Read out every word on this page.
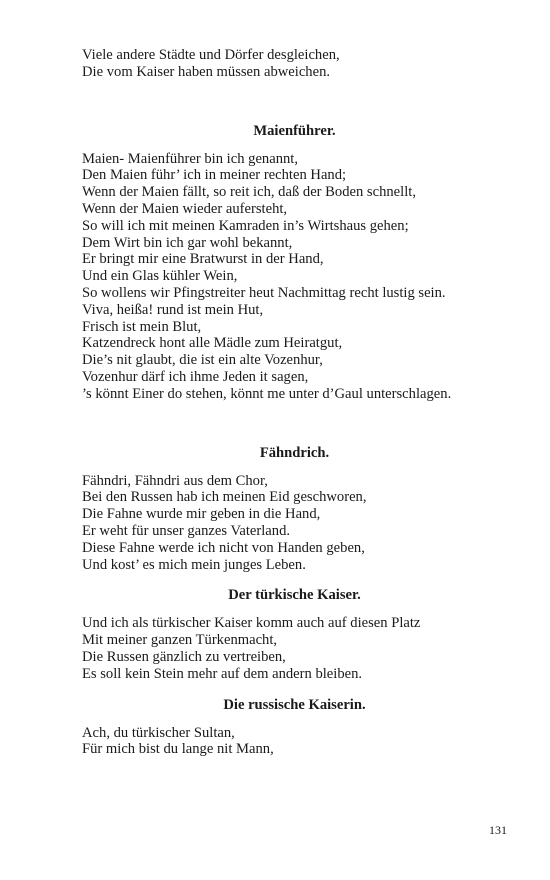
Viele andere Städte und Dörfer desgleichen,
Die vom Kaiser haben müssen abweichen.
Maienführer.
Maien- Maienführer bin ich genannt,
Den Maien führ’ ich in meiner rechten Hand;
Wenn der Maien fällt, so reit ich, daß der Boden schnellt,
Wenn der Maien wieder aufersteht,
So will ich mit meinen Kamraden in’s Wirtshaus gehen;
Dem Wirt bin ich gar wohl bekannt,
Er bringt mir eine Bratwurst in der Hand,
Und ein Glas kühler Wein,
So wollens wir Pfingstreiter heut Nachmittag recht lustig sein.
Viva, heißa! rund ist mein Hut,
Frisch ist mein Blut,
Katzendreck hont alle Mädle zum Heiratgut,
Die’s nit glaubt, die ist ein alte Vozenhur,
Vozenhur därf ich ihme Jeden it sagen,
’s könnt Einer do stehen, könnt me unter d’Gaul unterschlagen.
Fähndrich.
Fähndri, Fähndri aus dem Chor,
Bei den Russen hab ich meinen Eid geschworen,
Die Fahne wurde mir geben in die Hand,
Er weht für unser ganzes Vaterland.
Diese Fahne werde ich nicht von Handen geben,
Und kost’ es mich mein junges Leben.
Der türkische Kaiser.
Und ich als türkischer Kaiser komm auch auf diesen Platz
Mit meiner ganzen Türkenmacht,
Die Russen gänzlich zu vertreiben,
Es soll kein Stein mehr auf dem andern bleiben.
Die russische Kaiserin.
Ach, du türkischer Sultan,
Für mich bist du lange nit Mann,
131
